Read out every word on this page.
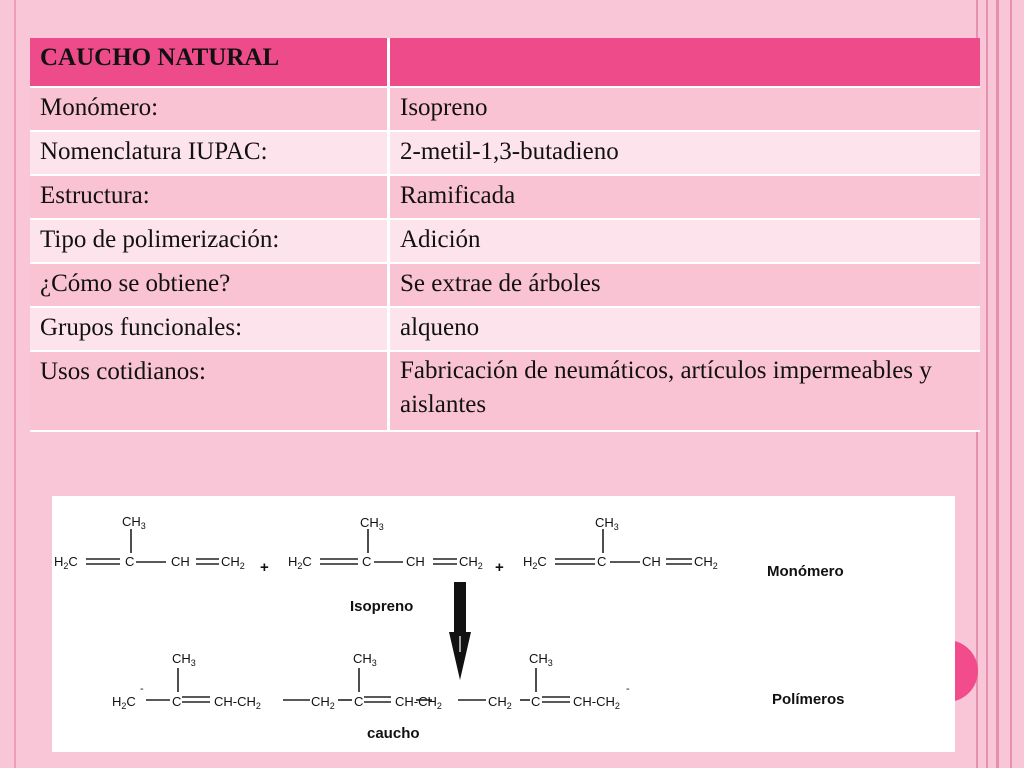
CAUCHO NATURAL	
Monómero:	Isopreno
Nomenclatura IUPAC:	2-metil-1,3-butadieno
Estructura:	Ramificada
Tipo de polimerización:	Adición
¿Cómo se obtiene?	Se extrae de árboles
Grupos funcionales:	alqueno
Usos cotidianos:	Fabricación de neumáticos, artículos impermeables y aislantes
$CH_3$
$H_2C$	C	CH $CH_2$ +
$CH_3$
$H_2C$	C	CH	$CH_2$ +
$CH_3$
$H_2C$	C	CH	$CH_2$
$CH_3$	$CH_3$	$CH_3$
$H_2C$
-
C	$CH-CH_2$	$CH_2$ C $CH-CH_2$	$CH_2$ C	$CH-CH_2$
-
Monómero
Isopreno
Polímeros
caucho
